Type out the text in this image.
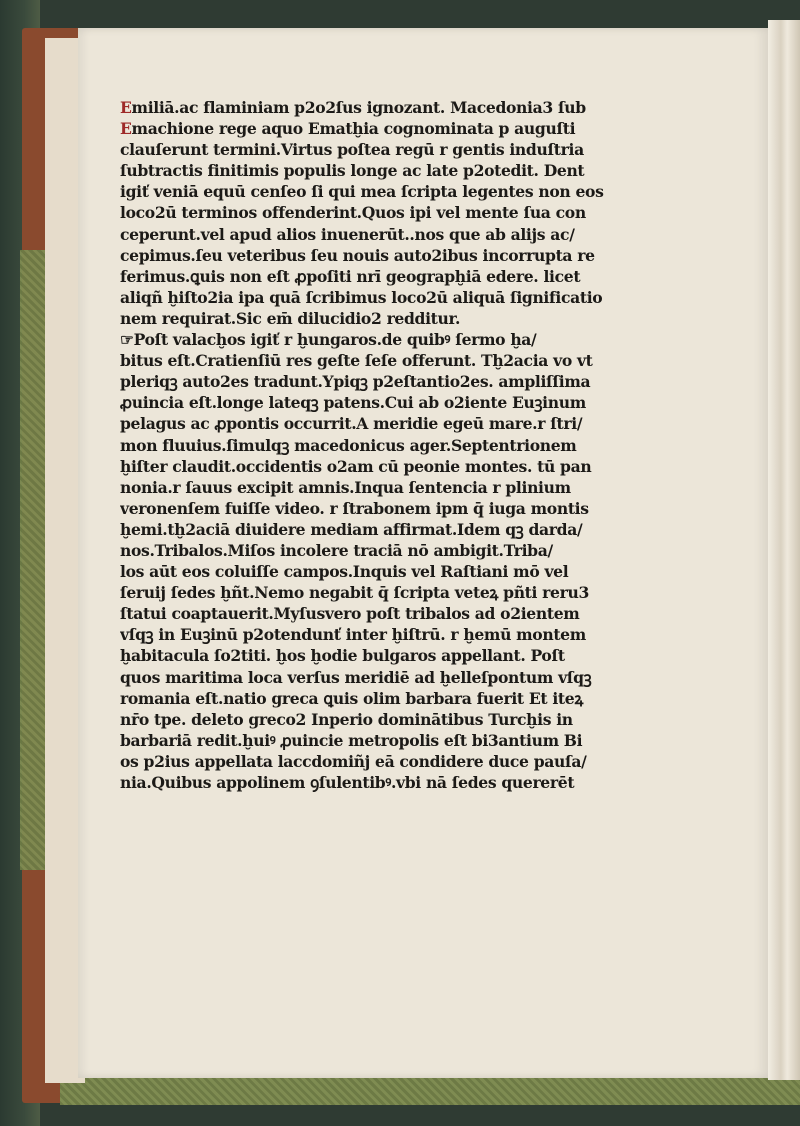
Emiliā.ac flaminiam p2o2ſus ignozant. Macedonia3 ſub
Emachione rege aquo Ematḫia cognominata p auguſti
clauſerunt termini.Virtus poſtea regū r gentis induſtria
ſubtractis finitimis populis longe ac late p2otedit. Dent
igiť veniā equū cenſeo ſi qui mea ſcripta legentes non eos
loco2ū terminos offenderint.Quos ipi vel mente ſua con
ceperunt.vel apud alios inuenerūt..nos que ab alijs ac/
cepimus.ſeu veteribus ſeu nouis auto2ibus incorrupta re
ferimus.ꝗuis non eſt ꝓpoſiti nrī geograpḫiā edere. licet
aliqñ ḫiſto2ia ipa quā ſcribimus loco2ū aliquā ſignificatio
nem requirat.Sic em̄ dilucidio2 redditur.
☞Poſt valacḫos igiť r ḫungaros.de quibꝰ ſermo ḫa/
bitus eſt.Cratienſiū res geſte ſeſe offerunt. Tḫ2acia vo vt
pleriqꝫ auto2es tradunt.Ypiqꝫ p2eſtantio2es. ampliſſima
ꝓuincia eſt.longe lateqꝫ patens.Cui ab o2iente Euꝫinum
pelagus ac ꝓpontis occurrit.A meridie egeū mare.r ſtri/
mon fluuius.ſimulqꝫ macedonicus ager.Septentrionem
ḫiſter claudit.occidentis o2am cū peonie montes. tū pan
nonia.r ſauus excipit amnis.Inqua ſentencia r plinium
veronenſem fuiſſe video. r ſtrabonem ipm q̄ iuga montis
ḫemi.tḫ2aciā diuidere mediam affirmat.Idem qꝫ darda/
nos.Tribalos.Miſos incolere traciā nō ambigit.Triba/
los aūt eos coluiſſe campos.Inquis vel Raſtiani mō vel
ſeruij ſedes ḫñt.Nemo negabit q̄ ſcripta veteꝝ pñti reru3
ſtatui coaptauerit.Myſusvero poſt tribalos ad o2ientem
vſqꝫ in Euꝫinū p2otendunť inter ḫiſtrū. r ḫemū montem
ḫabitacula ſo2titi. ḫos ḫodie bulgaros appellant. Poſt
quos maritima loca verſus meridiē ad ḫelleſpontum vſqꝫ
romania eſt.natio greca ꝗuis olim barbara fuerit Et iteꝝ
nr̄o tpe. deleto greco2 Inperio dominātibus Turcḫis in
barbariā redit.ḫuiꝰ ꝓuincie metropolis eſt bi3antium Bi
os p2ius appellata laccdomiñj eā condidere duce pauſa/
nia.Quibus appolinem ꝯſulentibꝰ.vbi nā ſedes quererēt
